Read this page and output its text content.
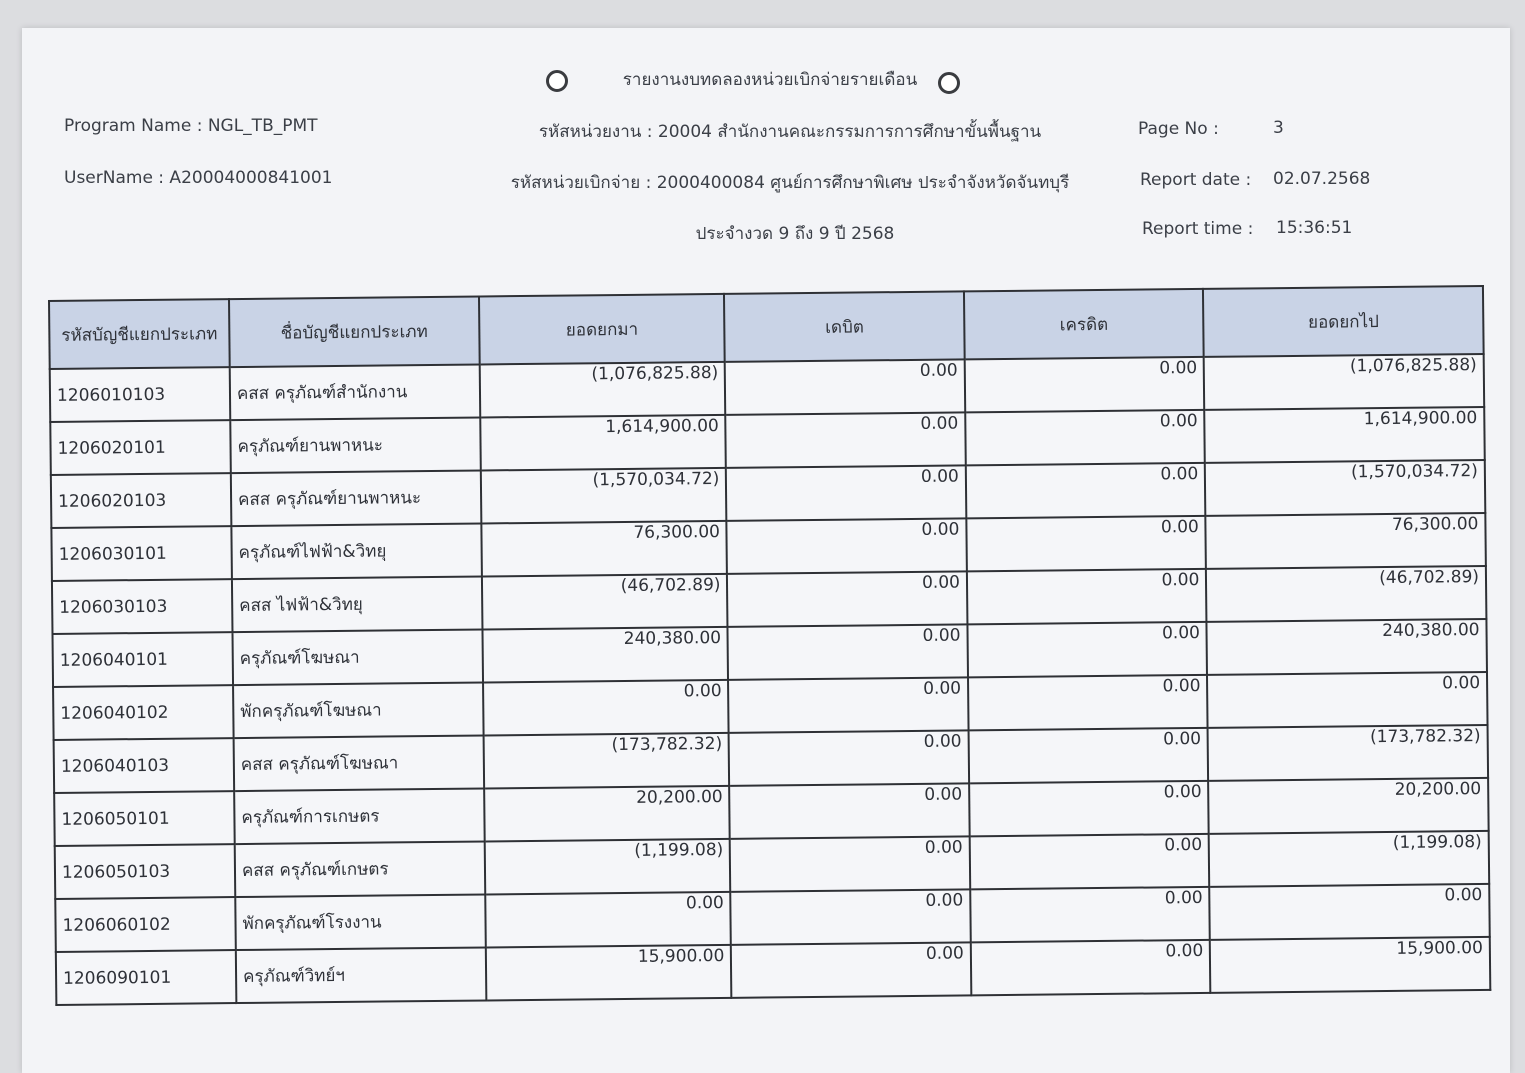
รายงานงบทดลองหน่วยเบิกจ่ายรายเดือน
Program Name : NGL_TB_PMT
UserName : A20004000841001
รหัสหน่วยงาน : 20004 สำนักงานคณะกรรมการการศึกษาขั้นพื้นฐาน
รหัสหน่วยเบิกจ่าย : 2000400084 ศูนย์การศึกษาพิเศษ ประจำจังหวัดจันทบุรี
ประจำงวด 9 ถึง 9 ปี 2568
Page No :	3
Report date : 02.07.2568
Report time : 15:36:51
รหัสบัญชีแยกประเภท	ชื่อบัญชีแยกประเภท	ยอดยกมา	เดบิต	เครดิต	ยอดยกไป
1206010103	คสส ครุภัณฑ์สำนักงาน	(1,076,825.88)	0.00	0.00	(1,076,825.88)
1206020101	ครุภัณฑ์ยานพาหนะ	1,614,900.00	0.00	0.00	1,614,900.00
1206020103	คสส ครุภัณฑ์ยานพาหนะ	(1,570,034.72)	0.00	0.00	(1,570,034.72)
1206030101	ครุภัณฑ์ไฟฟ้า&วิทยุ	76,300.00	0.00	0.00	76,300.00
1206030103	คสส ไฟฟ้า&วิทยุ	(46,702.89)	0.00	0.00	(46,702.89)
1206040101	ครุภัณฑ์โฆษณา	240,380.00	0.00	0.00	240,380.00
1206040102	พักครุภัณฑ์โฆษณา	0.00	0.00	0.00	0.00
1206040103	คสส ครุภัณฑ์โฆษณา	(173,782.32)	0.00	0.00	(173,782.32)
1206050101	ครุภัณฑ์การเกษตร	20,200.00	0.00	0.00	20,200.00
1206050103	คสส ครุภัณฑ์เกษตร	(1,199.08)	0.00	0.00	(1,199.08)
1206060102	พักครุภัณฑ์โรงงาน	0.00	0.00	0.00	0.00
1206090101	ครุภัณฑ์วิทย์ฯ	15,900.00	0.00	0.00	15,900.00
